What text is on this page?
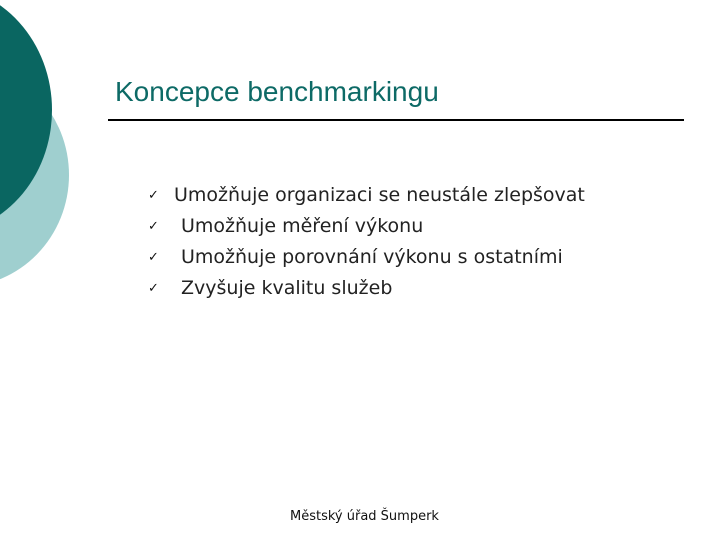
Koncepce benchmarkingu
✓ Umožňuje organizaci se neustále zlepšovat
✓ Umožňuje měření výkonu
✓ Umožňuje porovnání výkonu s ostatními
✓ Zvyšuje kvalitu služeb
Městský úřad Šumperk
